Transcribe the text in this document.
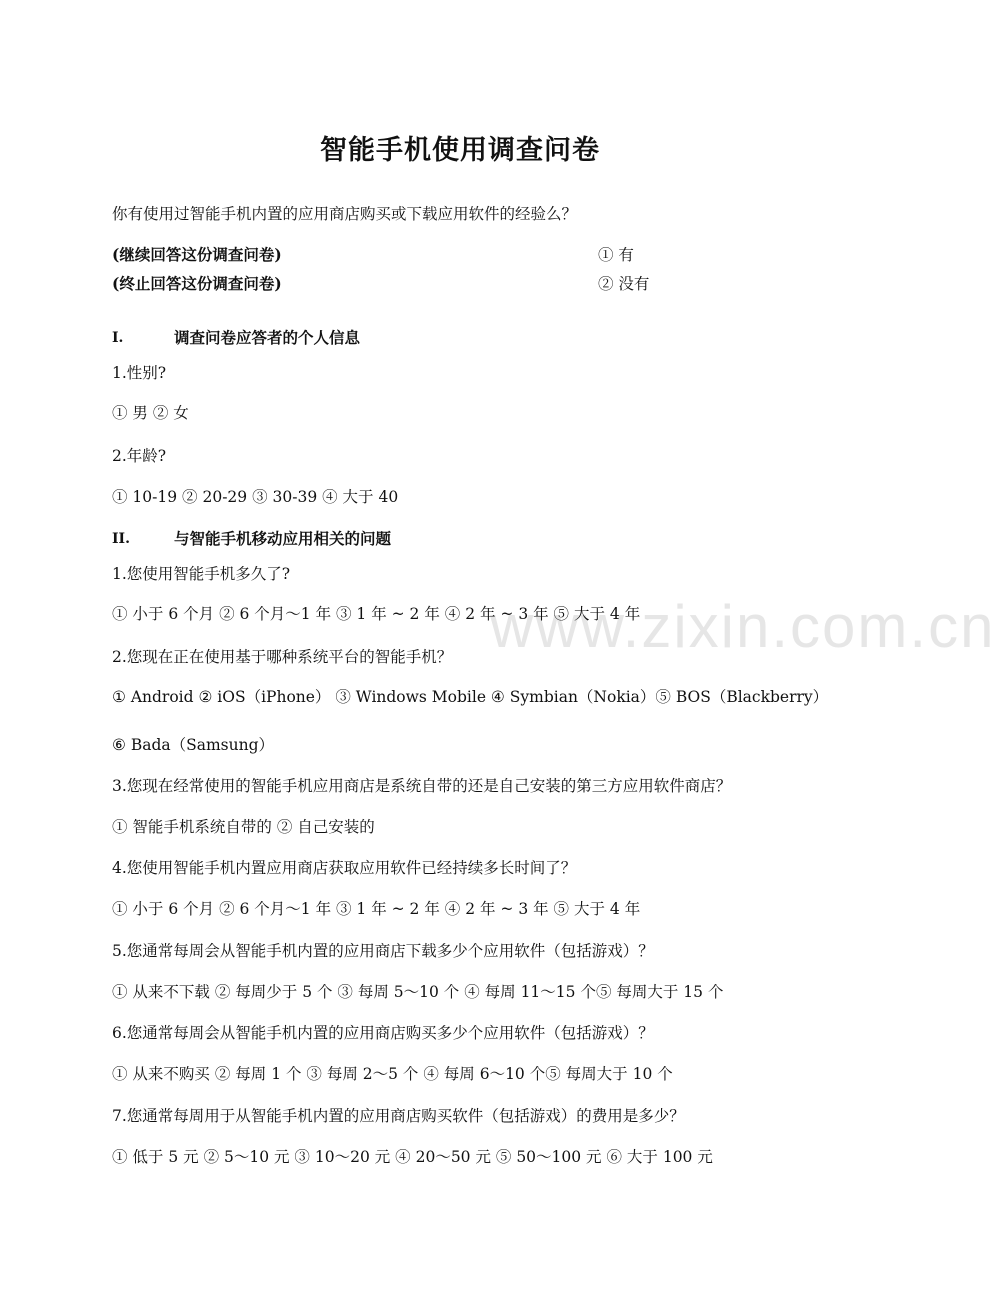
www.zixin.com.cn
智能手机使用调查问卷
你有使用过智能手机内置的应用商店购买或下载应用软件的经验么？
(继续回答这份调查问卷)	① 有
(终止回答这份调查问卷)	② 没有
I.	调查问卷应答者的个人信息
1.性别?
① 男 ② 女
2.年龄?
① 10-19 ② 20-29 ③ 30-39 ④ 大于 40
II.	与智能手机移动应用相关的问题
1.您使用智能手机多久了?
① 小于 6 个月 ② 6 个月～1 年 ③ 1 年 ~ 2 年 ④ 2 年 ~ 3 年 ⑤ 大于 4 年
2.您现在正在使用基于哪种系统平台的智能手机？
① Android ② iOS（iPhone） ③ Windows Mobile ④ Symbian（Nokia）⑤ BOS（Blackberry）
⑥ Bada（Samsung）
3.您现在经常使用的智能手机应用商店是系统自带的还是自己安装的第三方应用软件商店？
① 智能手机系统自带的 ② 自己安装的
4.您使用智能手机内置应用商店获取应用软件已经持续多长时间了？
① 小于 6 个月 ② 6 个月～1 年 ③ 1 年 ~ 2 年 ④ 2 年 ~ 3 年 ⑤ 大于 4 年
5.您通常每周会从智能手机内置的应用商店下载多少个应用软件（包括游戏）？
① 从来不下载 ② 每周少于 5 个 ③ 每周 5～10 个 ④ 每周 11～15 个⑤ 每周大于 15 个
6.您通常每周会从智能手机内置的应用商店购买多少个应用软件（包括游戏）？
① 从来不购买 ② 每周 1 个 ③ 每周 2～5 个 ④ 每周 6～10 个⑤ 每周大于 10 个
7.您通常每周用于从智能手机内置的应用商店购买软件（包括游戏）的费用是多少？
① 低于 5 元 ② 5～10 元 ③ 10～20 元 ④ 20～50 元 ⑤ 50～100 元 ⑥ 大于 100 元
